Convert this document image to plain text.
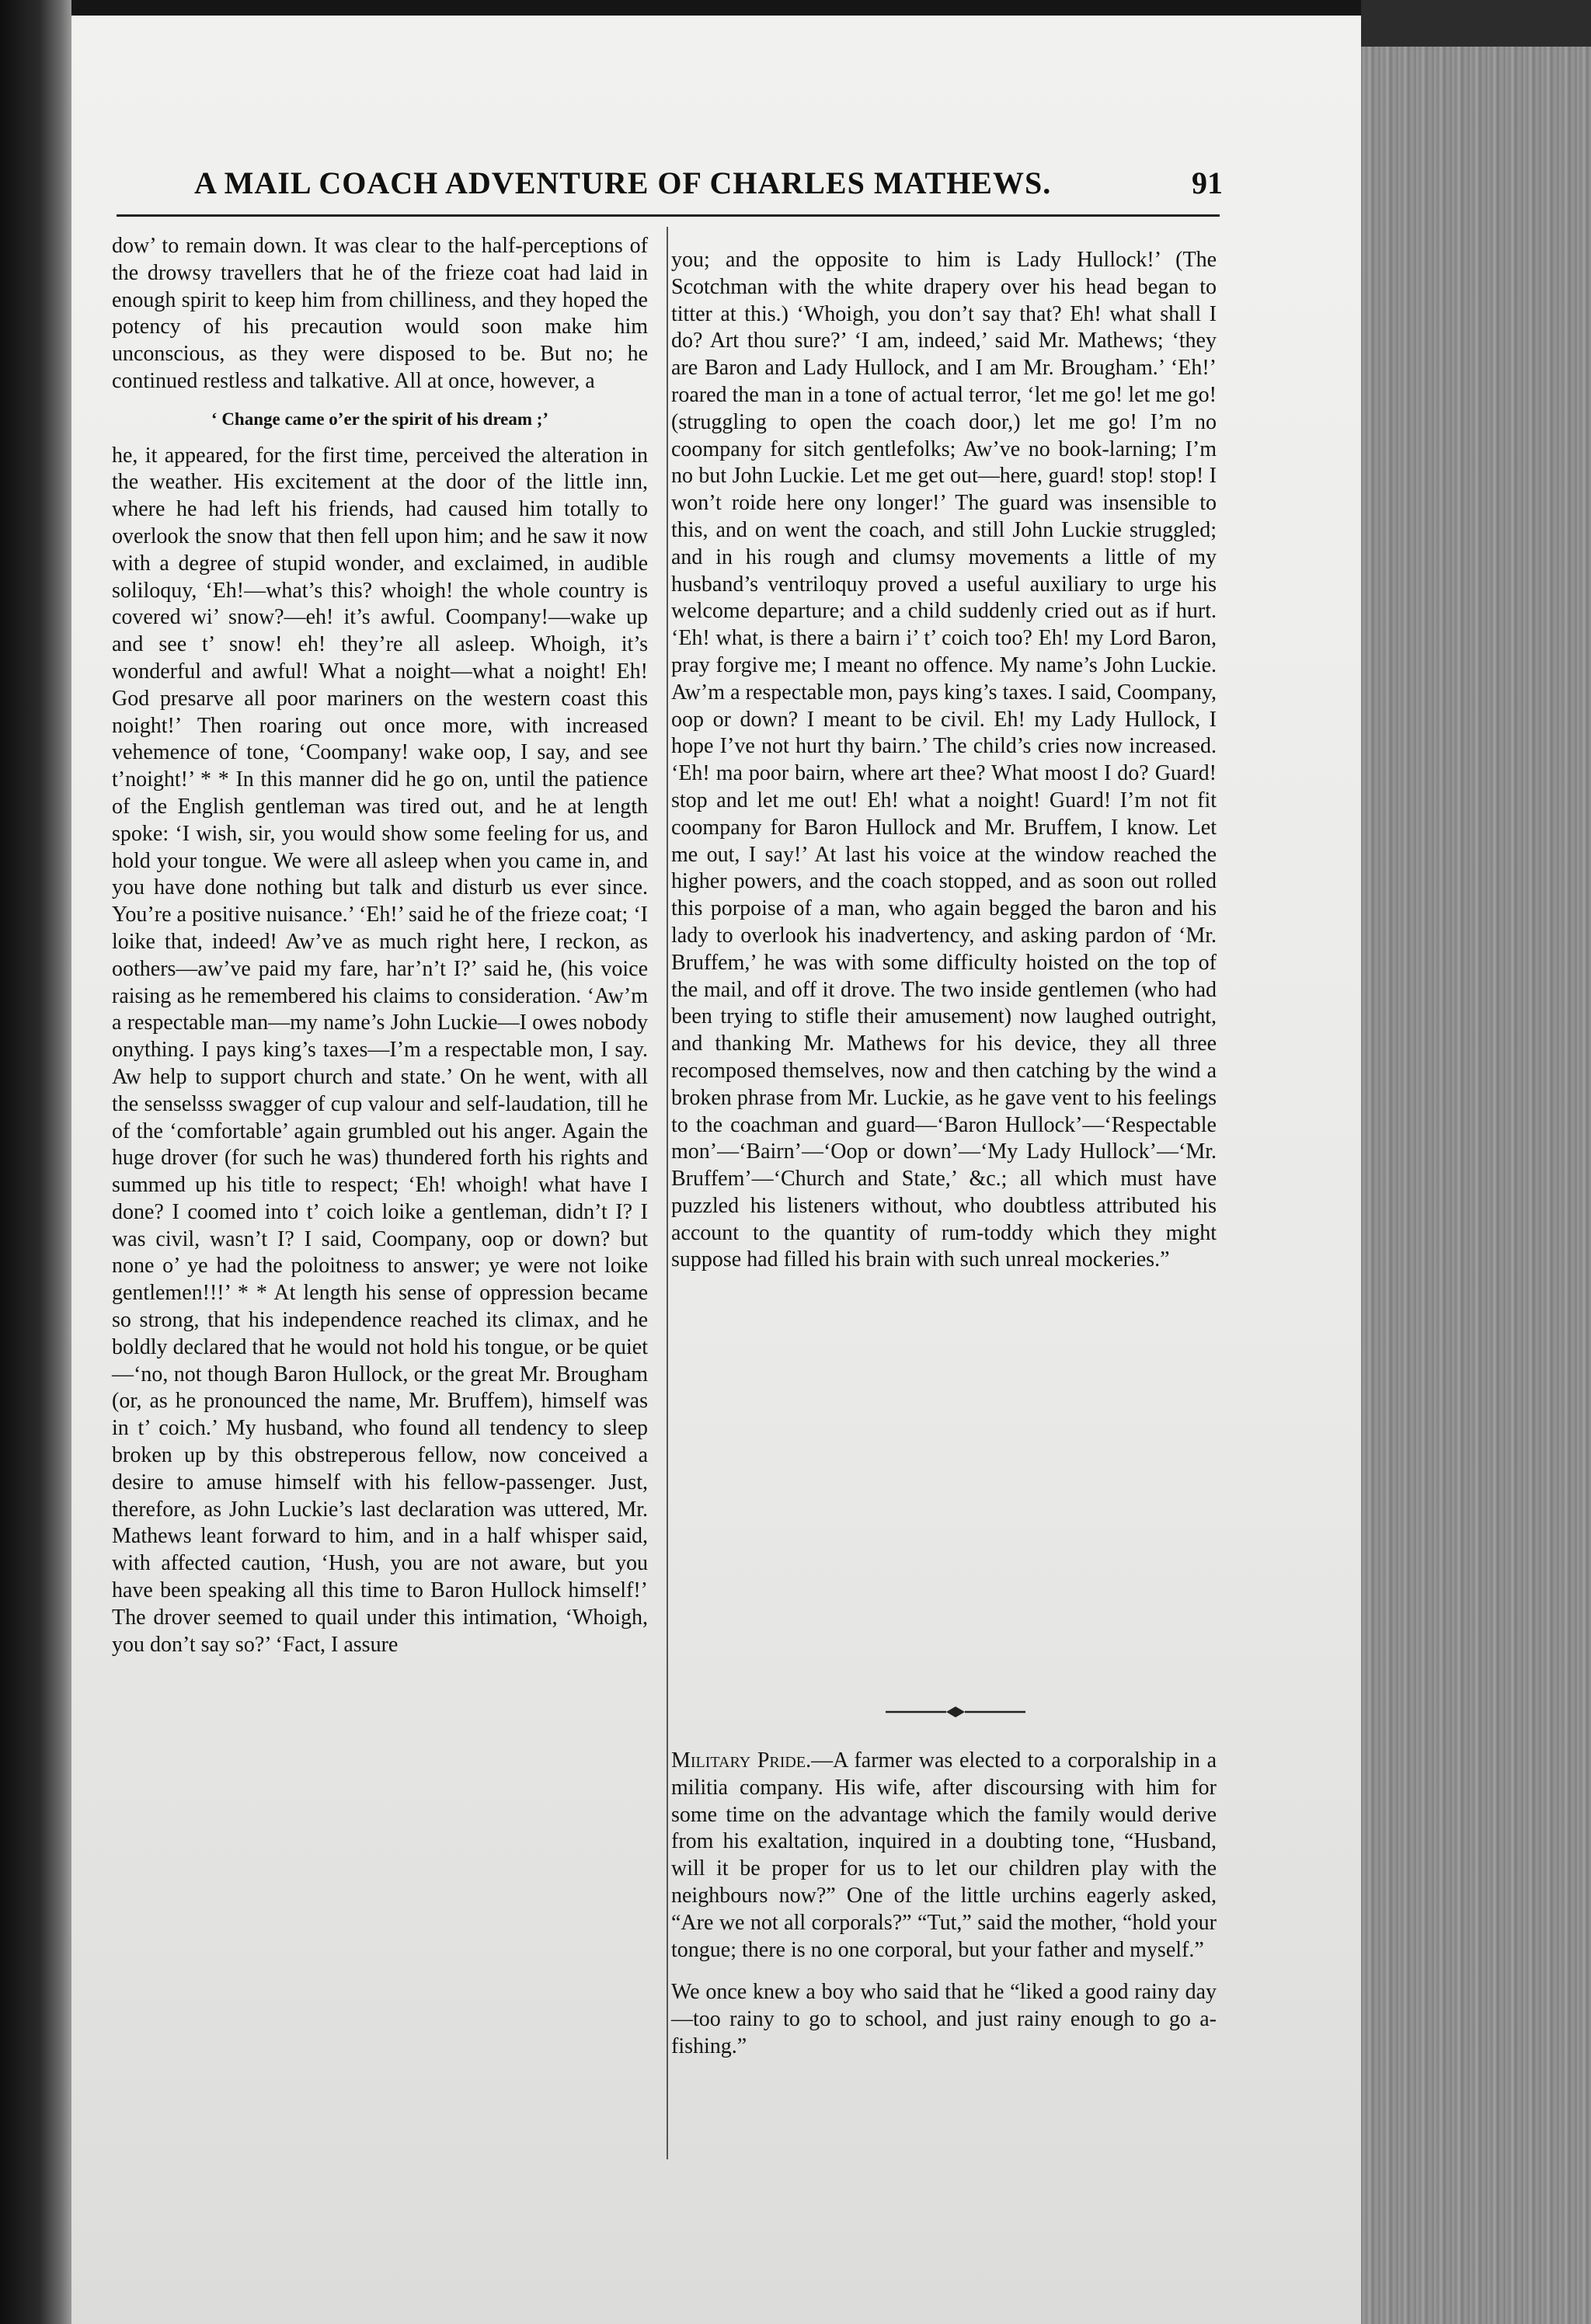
A MAIL COACH ADVENTURE OF CHARLES MATHEWS.	91

dow’ to remain down. It was clear to the half-perceptions of the drowsy travellers that he of the frieze coat had laid in enough spirit to keep him from chilliness, and they hoped the potency of his precaution would soon make him unconscious, as they were disposed to be. But no; he continued restless and talkative. All at once, however, a

‘ Change came o’er the spirit of his dream ;’

he, it appeared, for the first time, perceived the alteration in the weather. His excitement at the door of the little inn, where he had left his friends, had caused him totally to overlook the snow that then fell upon him; and he saw it now with a degree of stupid wonder, and exclaimed, in audible soliloquy, ‘Eh!—what’s this? whoigh! the whole country is covered wi’ snow?—eh! it’s awful. Coompany!—wake up and see t’ snow! eh! they’re all asleep. Whoigh, it’s wonderful and awful! What a noight—what a noight! Eh! God presarve all poor mariners on the western coast this noight!’ Then roaring out once more, with increased vehemence of tone, ‘Coompany! wake oop, I say, and see t’noight!’ * * In this manner did he go on, until the patience of the English gentleman was tired out, and he at length spoke: ‘I wish, sir, you would show some feeling for us, and hold your tongue. We were all asleep when you came in, and you have done nothing but talk and disturb us ever since. You’re a positive nuisance.’ ‘Eh!’ said he of the frieze coat; ‘I loike that, indeed! Aw’ve as much right here, I reckon, as oothers—aw’ve paid my fare, har’n’t I?’ said he, (his voice raising as he remembered his claims to consideration. ‘Aw’m a respectable man—my name’s John Luckie—I owes nobody onything. I pays king’s taxes—I’m a respectable mon, I say. Aw help to support church and state.’ On he went, with all the senselsss swagger of cup valour and self-laudation, till he of the ‘comfortable’ again grumbled out his anger. Again the huge drover (for such he was) thundered forth his rights and summed up his title to respect; ‘Eh! whoigh! what have I done? I coomed into t’ coich loike a gentleman, didn’t I? I was civil, wasn’t I? I said, Coompany, oop or down? but none o’ ye had the poloitness to answer; ye were not loike gentlemen!!!’ * * At length his sense of oppression became so strong, that his independence reached its climax, and he boldly declared that he would not hold his tongue, or be quiet—‘no, not though Baron Hullock, or the great Mr. Brougham (or, as he pronounced the name, Mr. Bruffem), himself was in t’ coich.’ My husband, who found all tendency to sleep broken up by this obstreperous fellow, now conceived a desire to amuse himself with his fellow-passenger. Just, therefore, as John Luckie’s last declaration was uttered, Mr. Mathews leant forward to him, and in a half whisper said, with affected caution, ‘Hush, you are not aware, but you have been speaking all this time to Baron Hullock himself!’ The drover seemed to quail under this intimation, ‘Whoigh, you don’t say so?’ ‘Fact, I assure

you; and the opposite to him is Lady Hullock!’ (The Scotchman with the white drapery over his head began to titter at this.) ‘Whoigh, you don’t say that? Eh! what shall I do? Art thou sure?’ ‘I am, indeed,’ said Mr. Mathews; ‘they are Baron and Lady Hullock, and I am Mr. Brougham.’ ‘Eh!’ roared the man in a tone of actual terror, ‘let me go! let me go! (struggling to open the coach door,) let me go! I’m no coompany for sitch gentlefolks; Aw’ve no book-larning; I’m no but John Luckie. Let me get out—here, guard! stop! stop! I won’t roide here ony longer!’ The guard was insensible to this, and on went the coach, and still John Luckie struggled; and in his rough and clumsy movements a little of my husband’s ventriloquy proved a useful auxiliary to urge his welcome departure; and a child suddenly cried out as if hurt. ‘Eh! what, is there a bairn i’ t’ coich too? Eh! my Lord Baron, pray forgive me; I meant no offence. My name’s John Luckie. Aw’m a respectable mon, pays king’s taxes. I said, Coompany, oop or down? I meant to be civil. Eh! my Lady Hullock, I hope I’ve not hurt thy bairn.’ The child’s cries now increased. ‘Eh! ma poor bairn, where art thee? What moost I do? Guard! stop and let me out! Eh! what a noight! Guard! I’m not fit coompany for Baron Hullock and Mr. Bruffem, I know. Let me out, I say!’ At last his voice at the window reached the higher powers, and the coach stopped, and as soon out rolled this porpoise of a man, who again begged the baron and his lady to overlook his inadvertency, and asking pardon of ‘Mr. Bruffem,’ he was with some difficulty hoisted on the top of the mail, and off it drove. The two inside gentlemen (who had been trying to stifle their amusement) now laughed outright, and thanking Mr. Mathews for his device, they all three recomposed themselves, now and then catching by the wind a broken phrase from Mr. Luckie, as he gave vent to his feelings to the coachman and guard—‘Baron Hullock’—‘Respectable mon’—‘Bairn’—‘Oop or down’—‘My Lady Hullock’—‘Mr. Bruffem’—‘Church and State,’ &c.; all which must have puzzled his listeners without, who doubtless attributed his account to the quantity of rum-toddy which they might suppose had filled his brain with such unreal mockeries.”

Military Pride.—A farmer was elected to a corporalship in a militia company. His wife, after discoursing with him for some time on the advantage which the family would derive from his exaltation, inquired in a doubting tone, “Husband, will it be proper for us to let our children play with the neighbours now?” One of the little urchins eagerly asked, “Are we not all corporals?” “Tut,” said the mother, “hold your tongue; there is no one corporal, but your father and myself.”

We once knew a boy who said that he “liked a good rainy day—too rainy to go to school, and just rainy enough to go a-fishing.”
